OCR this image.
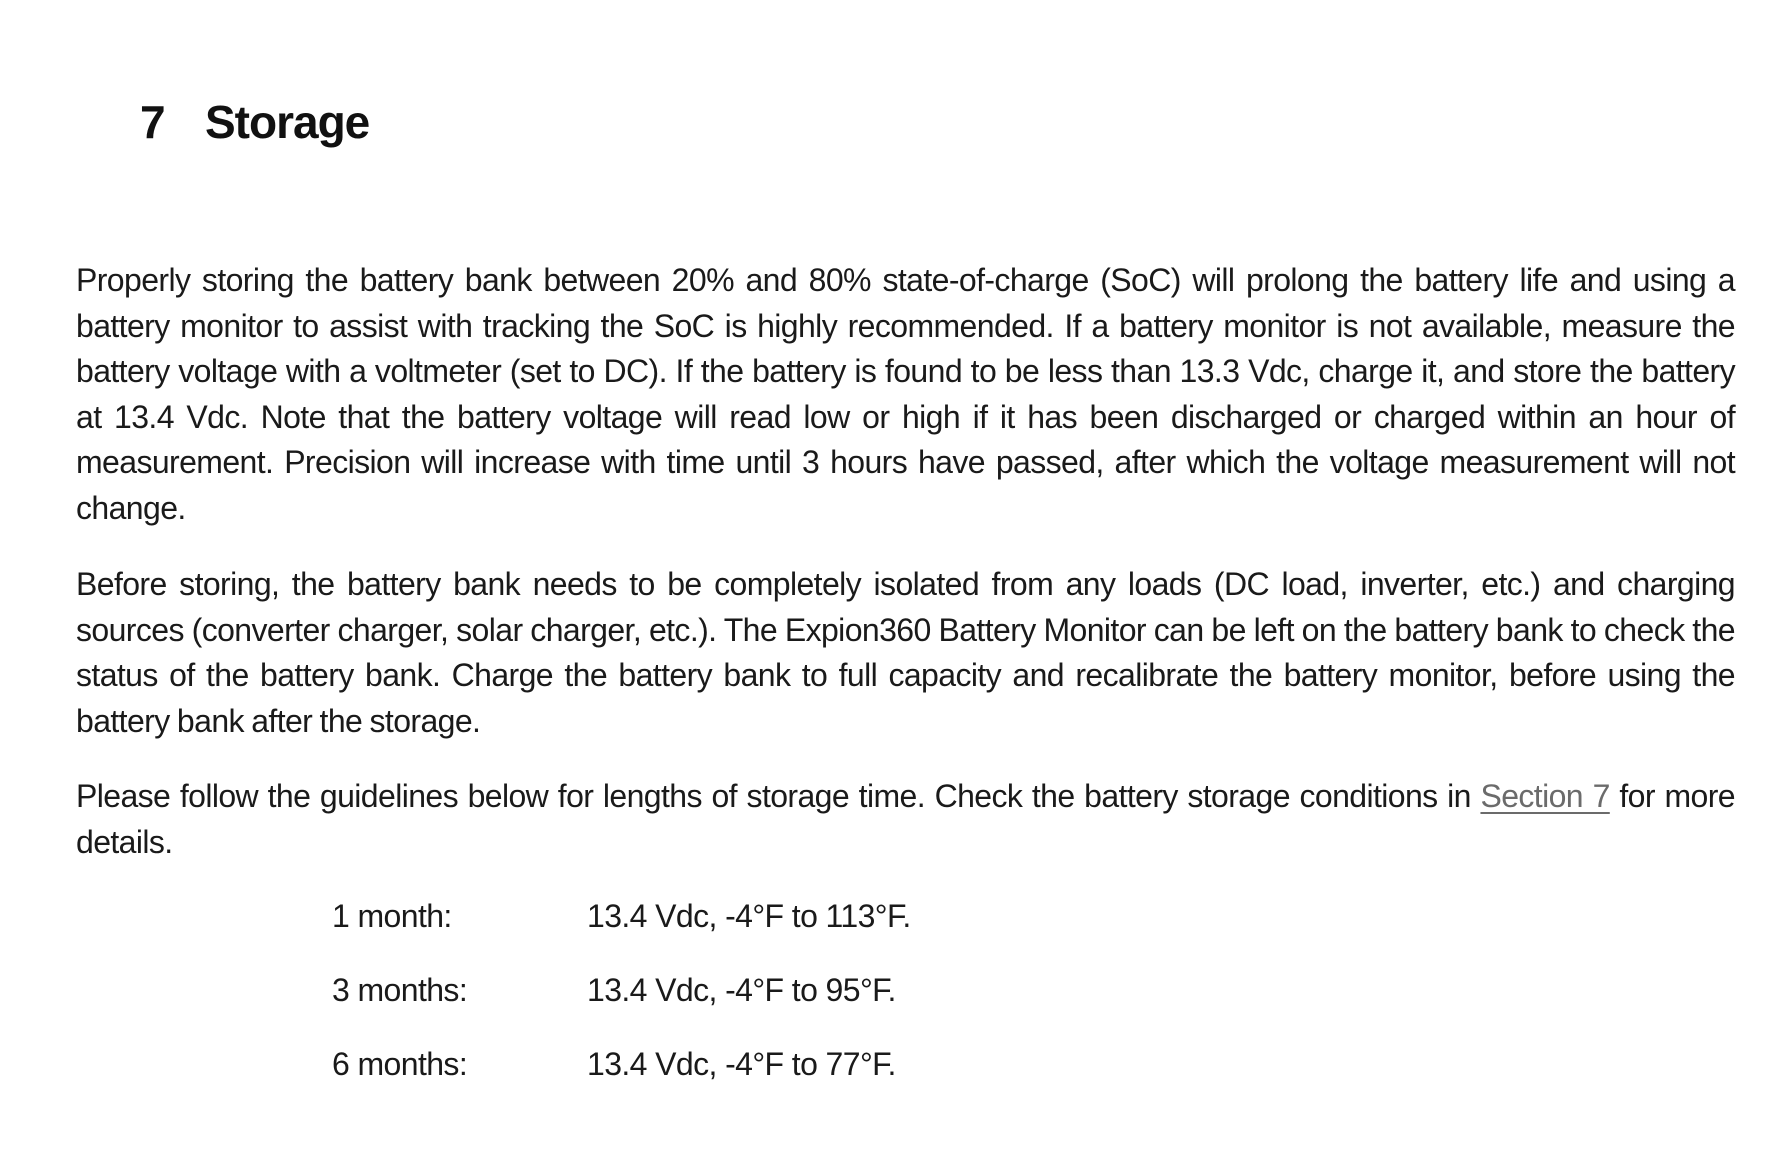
7 Storage

Properly storing the battery bank between 20% and 80% state-of-charge (SoC) will prolong the battery life and using a battery monitor to assist with tracking the SoC is highly recommended. If a battery monitor is not available, measure the battery voltage with a voltmeter (set to DC). If the battery is found to be less than 13.3 Vdc, charge it, and store the battery at 13.4 Vdc. Note that the battery voltage will read low or high if it has been discharged or charged within an hour of measurement. Precision will increase with time until 3 hours have passed, after which the voltage measurement will not change.

Before storing, the battery bank needs to be completely isolated from any loads (DC load, inverter, etc.) and charging sources (converter charger, solar charger, etc.). The Expion360 Battery Monitor can be left on the battery bank to check the status of the battery bank. Charge the battery bank to full capacity and recalibrate the battery monitor, before using the battery bank after the storage.

Please follow the guidelines below for lengths of storage time. Check the battery storage conditions in Section 7 for more details.

1 month:	13.4 Vdc, -4°F to 113°F.
3 months:	13.4 Vdc, -4°F to 95°F.
6 months:	13.4 Vdc, -4°F to 77°F.
